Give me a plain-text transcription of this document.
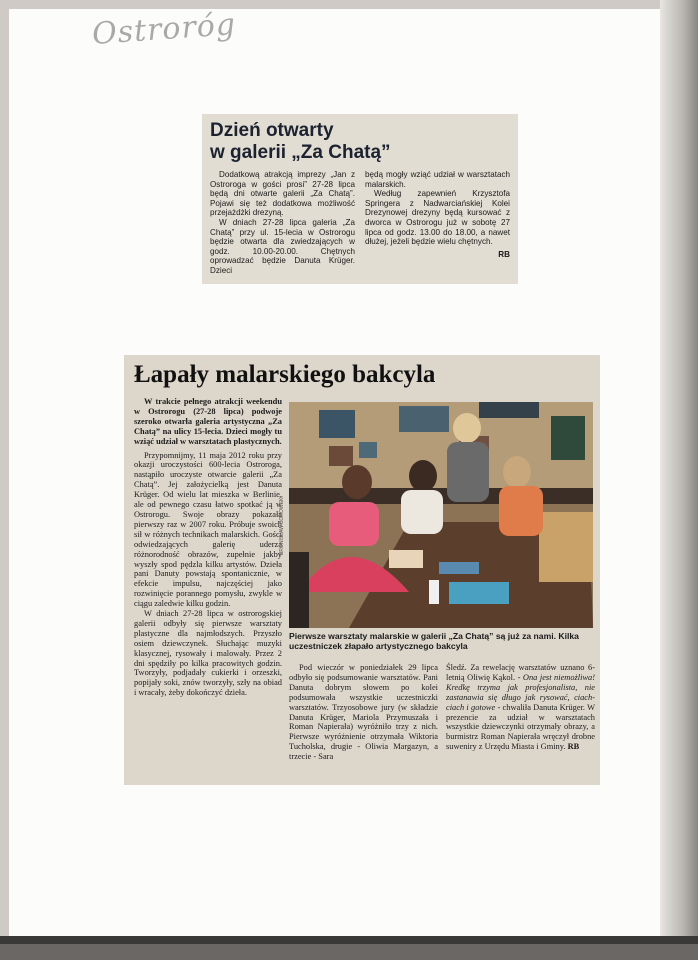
Ostroróg
Dzień otwarty
w galerii „Za Chatą”

Dodatkową atrakcją imprezy „Jan z Ostroroga w gości prosi” 27-28 lipca będą dni otwarte galerii „Za Chatą”. Pojawi się też dodatkowa możliwość przejażdżki drezyną.

W dniach 27-28 lipca galeria „Za Chatą” przy ul. 15-lecia w Ostrorogu będzie otwarta dla zwiedzających w godz. 10.00-20.00. Chętnych oprowadzać będzie Danuta Krüger. Dzieci

będą mogły wziąć udział w warsztatach malarskich.

Według zapewnień Krzysztofa Springera z Nadwarciańskiej Kolei Drezynowej drezyny będą kursować z dworca w Ostrorogu już w sobotę 27 lipca od godz. 13.00 do 18.00, a nawet dłużej, jeżeli będzie wielu chętnych.

RB
Łapały malarskiego bakcyla

W trakcie pełnego atrakcji weekendu w Ostrorogu (27-28 lipca) podwoje szeroko otwarła galeria artystyczna „Za Chatą” na ulicy 15-lecia. Dzieci mogły tu wziąć udział w warsztatach plastycznych.

Przypomnijmy, 11 maja 2012 roku przy okazji uroczystości 600-lecia Ostroroga, nastąpiło uroczyste otwarcie galerii „Za Chatą”. Jej założycielką jest Danuta Krüger. Od wielu lat mieszka w Berlinie, ale od pewnego czasu łatwo spotkać ją w Ostrorogu. Swoje obrazy pokazała pierwszy raz w 2007 roku. Próbuje swoich sił w różnych technikach malarskich. Gości odwiedzających galerię uderza różnorodność obrazów, zupełnie jakby wyszły spod pędzla kilku artystów. Dzieła pani Danuty powstają spontanicznie, w efekcie impulsu, najczęściej jako rozwinięcie porannego pomysłu, zwykle w ciągu zaledwie kilku godzin.

W dniach 27-28 lipca w ostrorogskiej galerii odbyły się pierwsze warsztaty plastyczne dla najmłodszych. Przyszło osiem dziewczynek. Słuchając muzyki klasycznej, rysowały i malowały. Przez 2 dni spędziły po kilka pracowitych godzin. Tworzyły, podjadały cukierki i orzeszki, popijały soki, znów tworzyły, szły na obiad i wracały, żeby dokończyć dzieła.

BRONISŁAW BOROWSKI
Pierwsze warsztaty malarskie w galerii „Za Chatą” są już za nami. Kilka uczestniczek złapało artystycznego bakcyla

Pod wieczór w poniedziałek 29 lipca odbyło się podsumowanie warsztatów. Pani Danuta dobrym słowem po kolei podsumowała wszystkie uczestniczki warsztatów. Trzyosobowe jury (w składzie Danuta Krüger, Mariola Przymuszała i Roman Napierała) wyróżniło trzy z nich. Pierwsze wyróżnienie otrzymała Wiktoria Tucholska, drugie - Oliwia Margazyn, a trzecie - Sara

Śledź. Za rewelację warsztatów uznano 6-letnią Oliwię Kąkol. - Ona jest niemożliwa! Kredkę trzyma jak profesjonalista, nie zastanawia się długo jak rysować, ciach-ciach i gotowe - chwaliła Danuta Krüger. W prezencie za udział w warsztatach wszystkie dziewczynki otrzymały obrazy, a burmistrz Roman Napierała wręczył drobne suweniry z Urzędu Miasta i Gminy. RB
